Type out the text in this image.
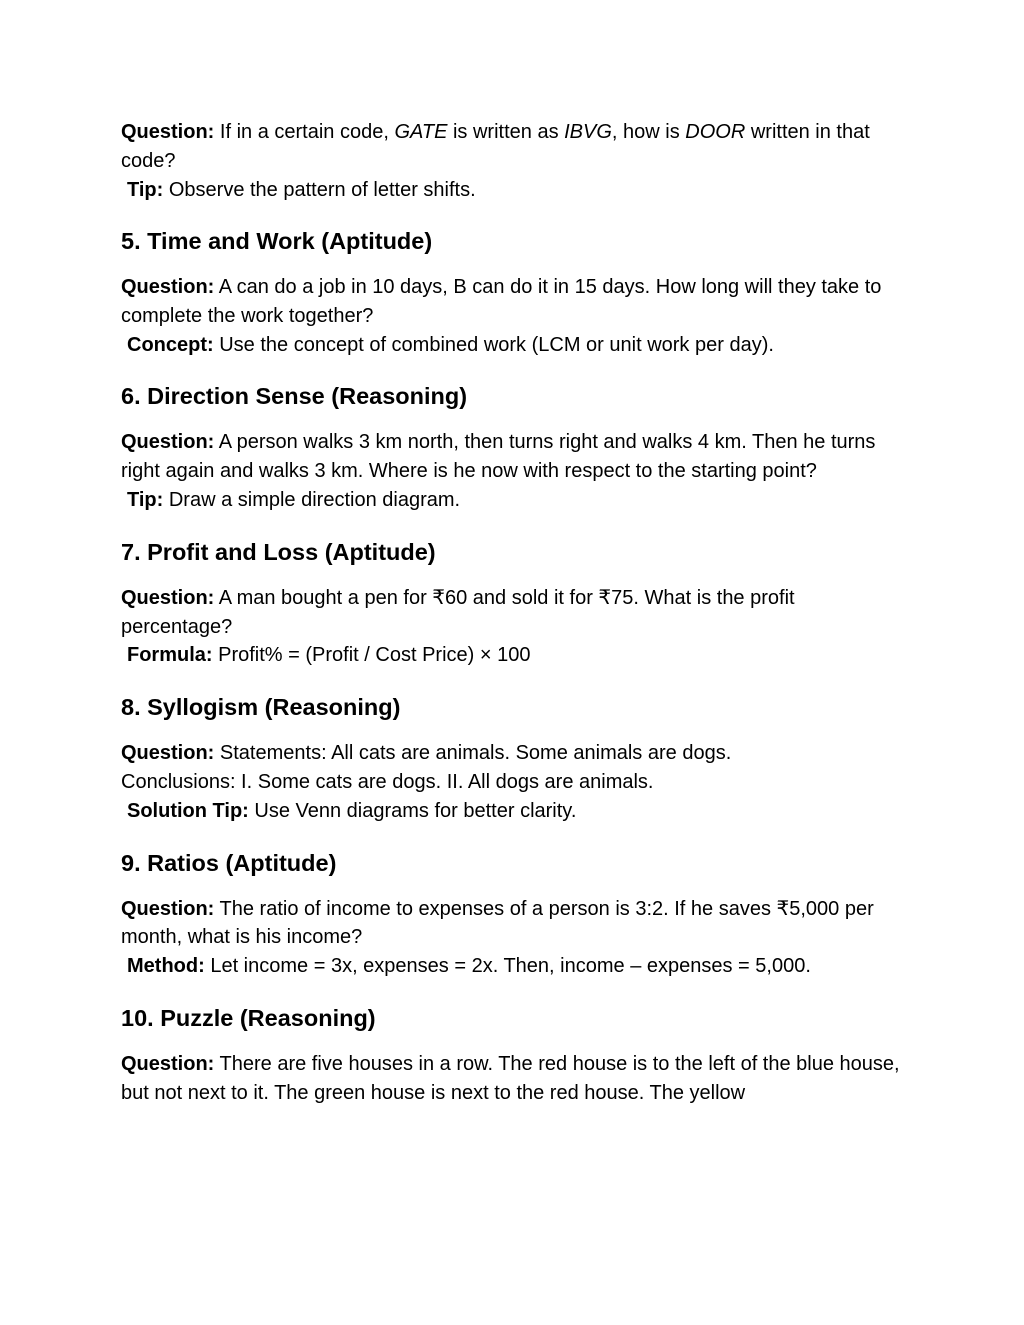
Question: If in a certain code, GATE is written as IBVG, how is DOOR written in that code?

Tip: Observe the pattern of letter shifts.

5. Time and Work (Aptitude)

Question: A can do a job in 10 days, B can do it in 15 days. How long will they take to complete the work together?

Concept: Use the concept of combined work (LCM or unit work per day).

6. Direction Sense (Reasoning)

Question: A person walks 3 km north, then turns right and walks 4 km. Then he turns right again and walks 3 km. Where is he now with respect to the starting point?

Tip: Draw a simple direction diagram.

7. Profit and Loss (Aptitude)

Question: A man bought a pen for ₹60 and sold it for ₹75. What is the profit percentage?

Formula: Profit% = (Profit / Cost Price) × 100

8. Syllogism (Reasoning)

Question: Statements: All cats are animals. Some animals are dogs.

Conclusions: I. Some cats are dogs. II. All dogs are animals.

Solution Tip: Use Venn diagrams for better clarity.

9. Ratios (Aptitude)

Question: The ratio of income to expenses of a person is 3:2. If he saves ₹5,000 per month, what is his income?

Method: Let income = 3x, expenses = 2x. Then, income – expenses = 5,000.

10. Puzzle (Reasoning)

Question: There are five houses in a row. The red house is to the left of the blue house, but not next to it. The green house is next to the red house. The yellow
